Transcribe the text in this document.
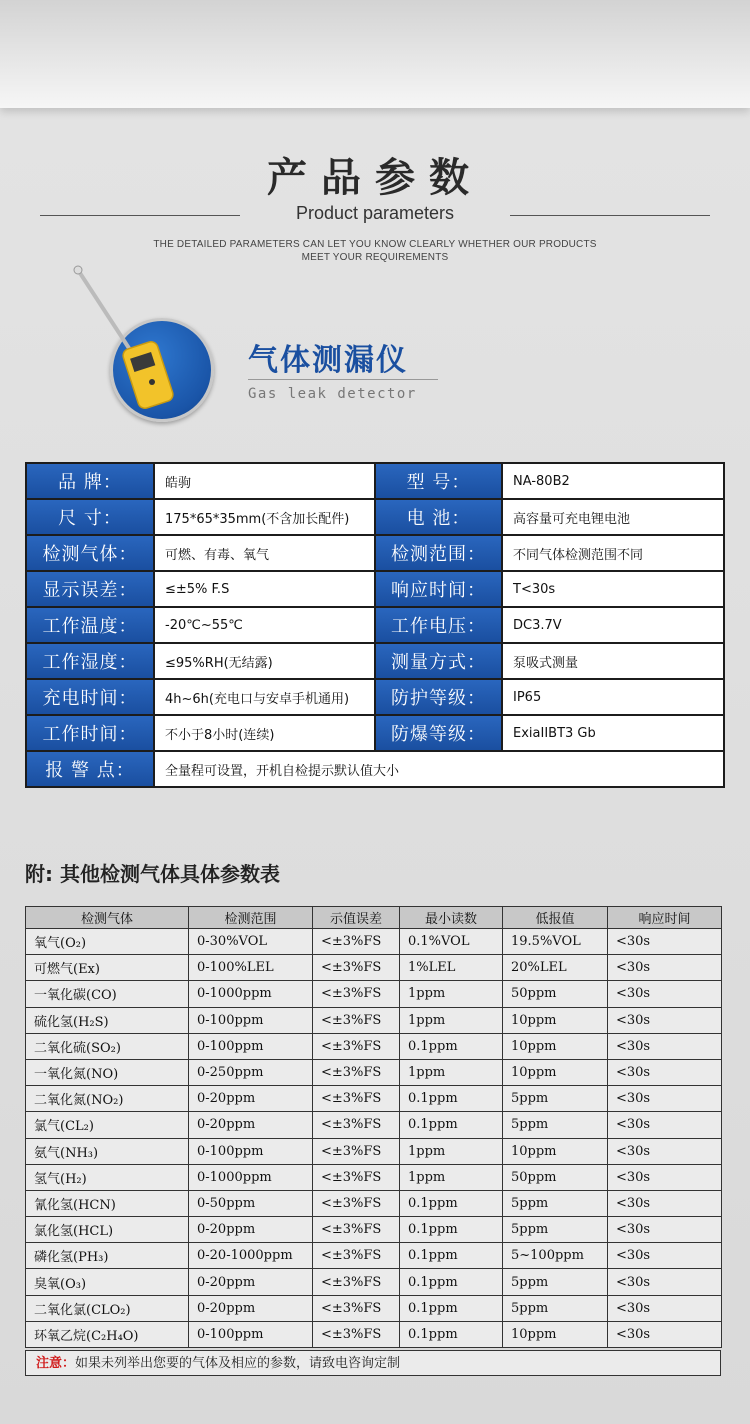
产品参数
Product parameters
THE DETAILED PARAMETERS CAN LET YOU KNOW CLEARLY WHETHER OUR PRODUCTS
MEET YOUR REQUIREMENTS
气体测漏仪
Gas leak detector
品 牌：	皓驹	型 号：	NA-80B2
尺 寸：	175*65*35mm(不含加长配件)	电 池：	高容量可充电锂电池
检测气体：	可燃、有毒、氧气	检测范围：	不同气体检测范围不同
显示误差：	≤±5% F.S	响应时间：	T<30s
工作温度：	-20℃~55℃	工作电压：	DC3.7V
工作湿度：	≤95%RH(无结露)	测量方式：	泵吸式测量
充电时间：	4h~6h(充电口与安卓手机通用)	防护等级：	IP65
工作时间：	不小于8小时(连续)	防爆等级：	ExiaIIBT3 Gb
报 警 点：	全量程可设置，开机自检提示默认值大小		
附: 其他检测气体具体参数表
检测气体	检测范围	示值误差	最小读数	低报值	响应时间
氧气(O₂)	0-30%VOL	<±3%FS	0.1%VOL	19.5%VOL	<30s
可燃气(Ex)	0-100%LEL	<±3%FS	1%LEL	20%LEL	<30s
一氧化碳(CO)	0-1000ppm	<±3%FS	1ppm	50ppm	<30s
硫化氢(H₂S)	0-100ppm	<±3%FS	1ppm	10ppm	<30s
二氧化硫(SO₂)	0-100ppm	<±3%FS	0.1ppm	10ppm	<30s
一氧化氮(NO)	0-250ppm	<±3%FS	1ppm	10ppm	<30s
二氧化氮(NO₂)	0-20ppm	<±3%FS	0.1ppm	5ppm	<30s
氯气(CL₂)	0-20ppm	<±3%FS	0.1ppm	5ppm	<30s
氨气(NH₃)	0-100ppm	<±3%FS	1ppm	10ppm	<30s
氢气(H₂)	0-1000ppm	<±3%FS	1ppm	50ppm	<30s
氰化氢(HCN)	0-50ppm	<±3%FS	0.1ppm	5ppm	<30s
氯化氢(HCL)	0-20ppm	<±3%FS	0.1ppm	5ppm	<30s
磷化氢(PH₃)	0-20-1000ppm	<±3%FS	0.1ppm	5~100ppm	<30s
臭氧(O₃)	0-20ppm	<±3%FS	0.1ppm	5ppm	<30s
二氧化氯(CLO₂)	0-20ppm	<±3%FS	0.1ppm	5ppm	<30s
环氧乙烷(C₂H₄O)	0-100ppm	<±3%FS	0.1ppm	10ppm	<30s
注意：如果未列举出您要的气体及相应的参数，请致电咨询定制
